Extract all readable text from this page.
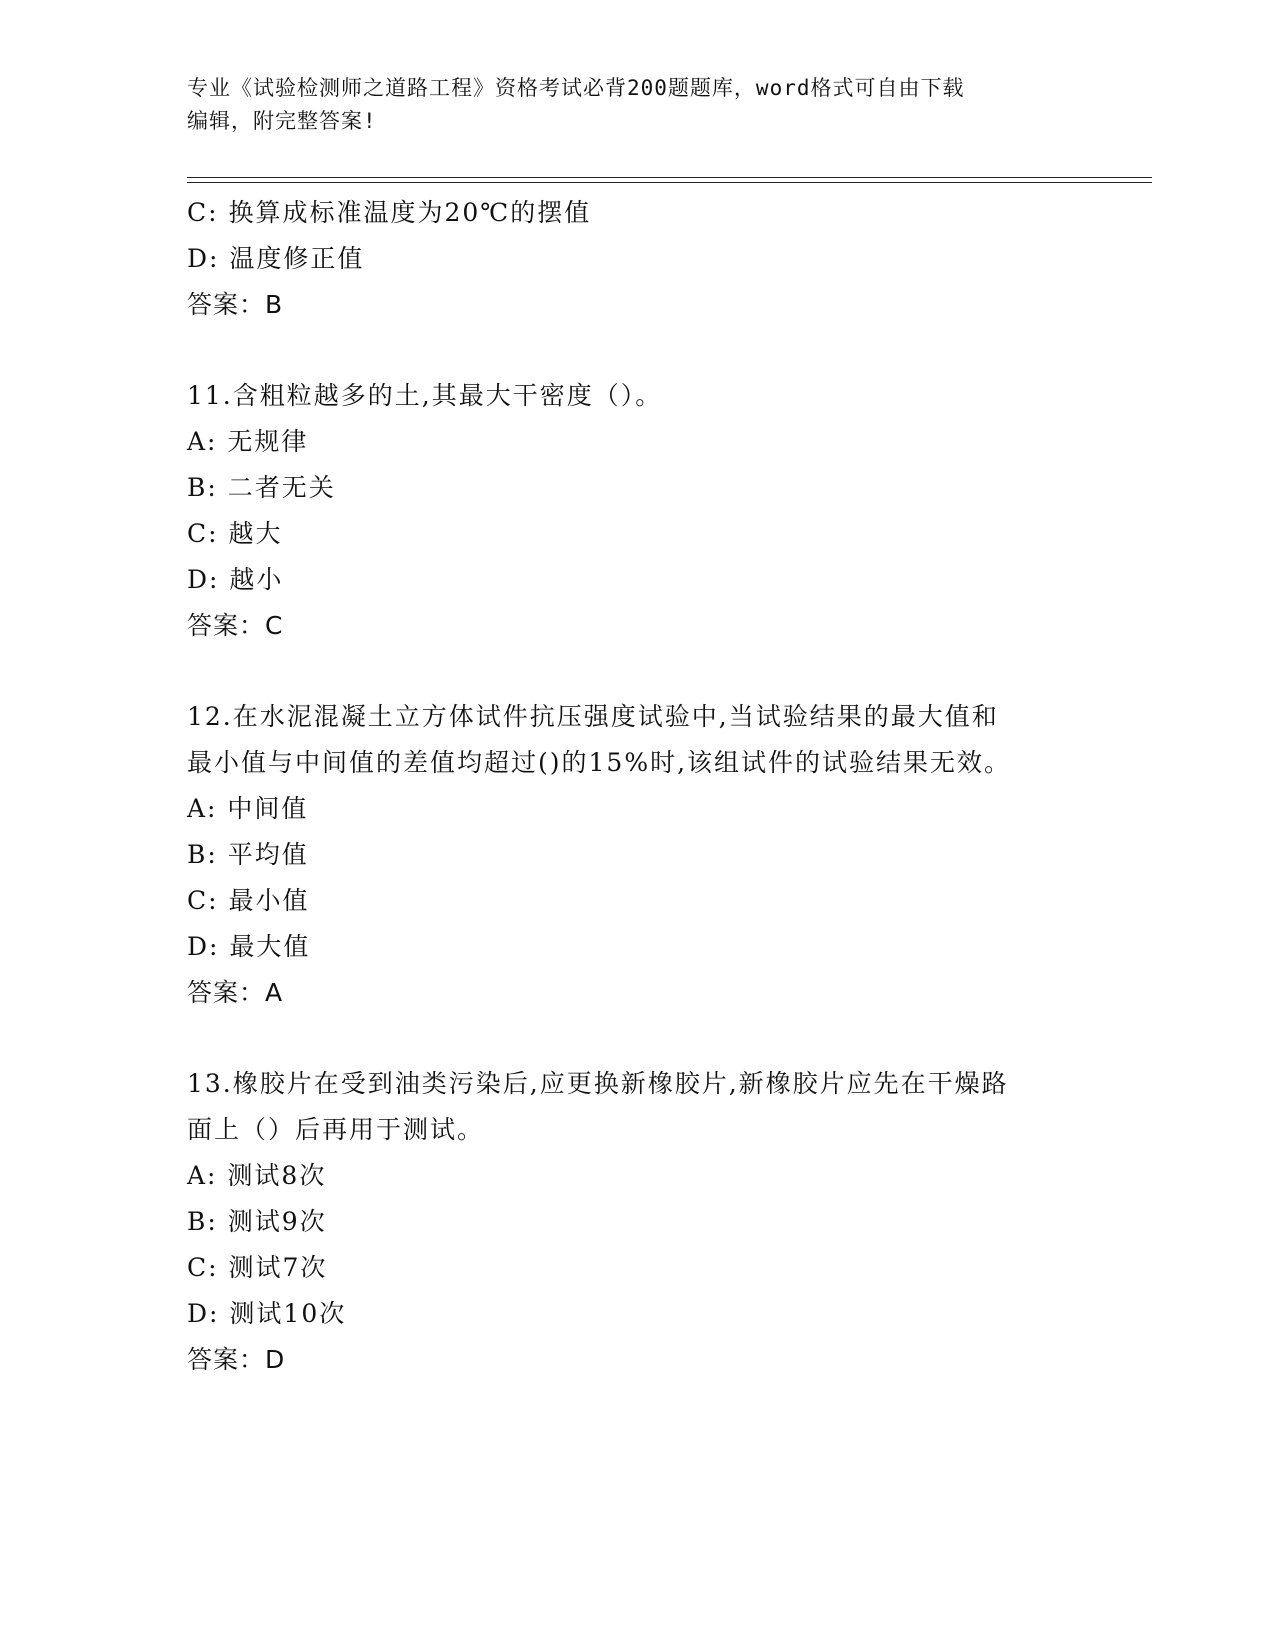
专业《试验检测师之道路工程》资格考试必背200题题库，word格式可自由下载
编辑，附完整答案!
C: 换算成标准温度为20℃的摆值
D: 温度修正值
答案：B
11.含粗粒越多的土,其最大干密度（）。
A: 无规律
B: 二者无关
C: 越大
D: 越小
答案：C
12.在水泥混凝土立方体试件抗压强度试验中,当试验结果的最大值和
最小值与中间值的差值均超过()的15%时,该组试件的试验结果无效。
A: 中间值
B: 平均值
C: 最小值
D: 最大值
答案：A
13.橡胶片在受到油类污染后,应更换新橡胶片,新橡胶片应先在干燥路
面上（）后再用于测试。
A: 测试8次
B: 测试9次
C: 测试7次
D: 测试10次
答案：D
